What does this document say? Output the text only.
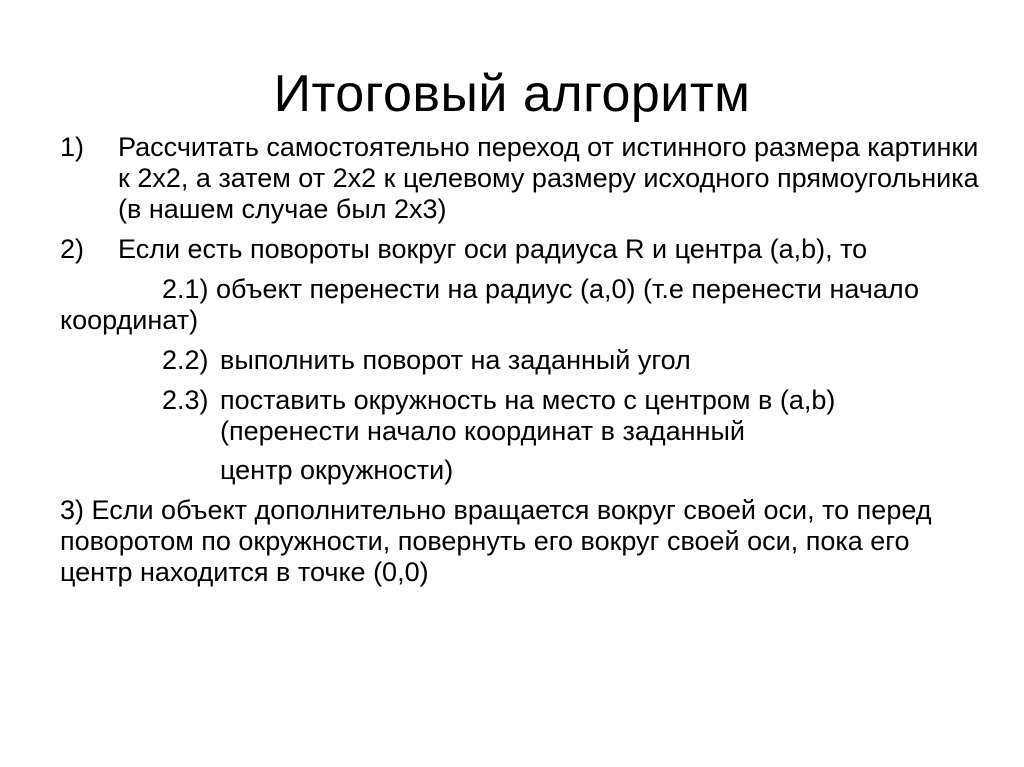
Итоговый алгоритм
1) Рассчитать самостоятельно переход от истинного размера картинки к 2x2, а затем от 2x2 к целевому размеру исходного прямоугольника (в нашем случае был 2x3)
2) Если есть повороты вокруг оси радиуса R и центра (a,b), то
2.1) объект перенести на радиус (a,0) (т.е перенести начало координат)
2.2) выполнить поворот на заданный угол
2.3) поставить окружность на место с центром в (a,b) (перенести начало координат в заданный
центр окружности)
3) Если объект дополнительно вращается вокруг своей оси, то перед поворотом по окружности, повернуть его вокруг своей оси, пока его центр находится в точке (0,0)
